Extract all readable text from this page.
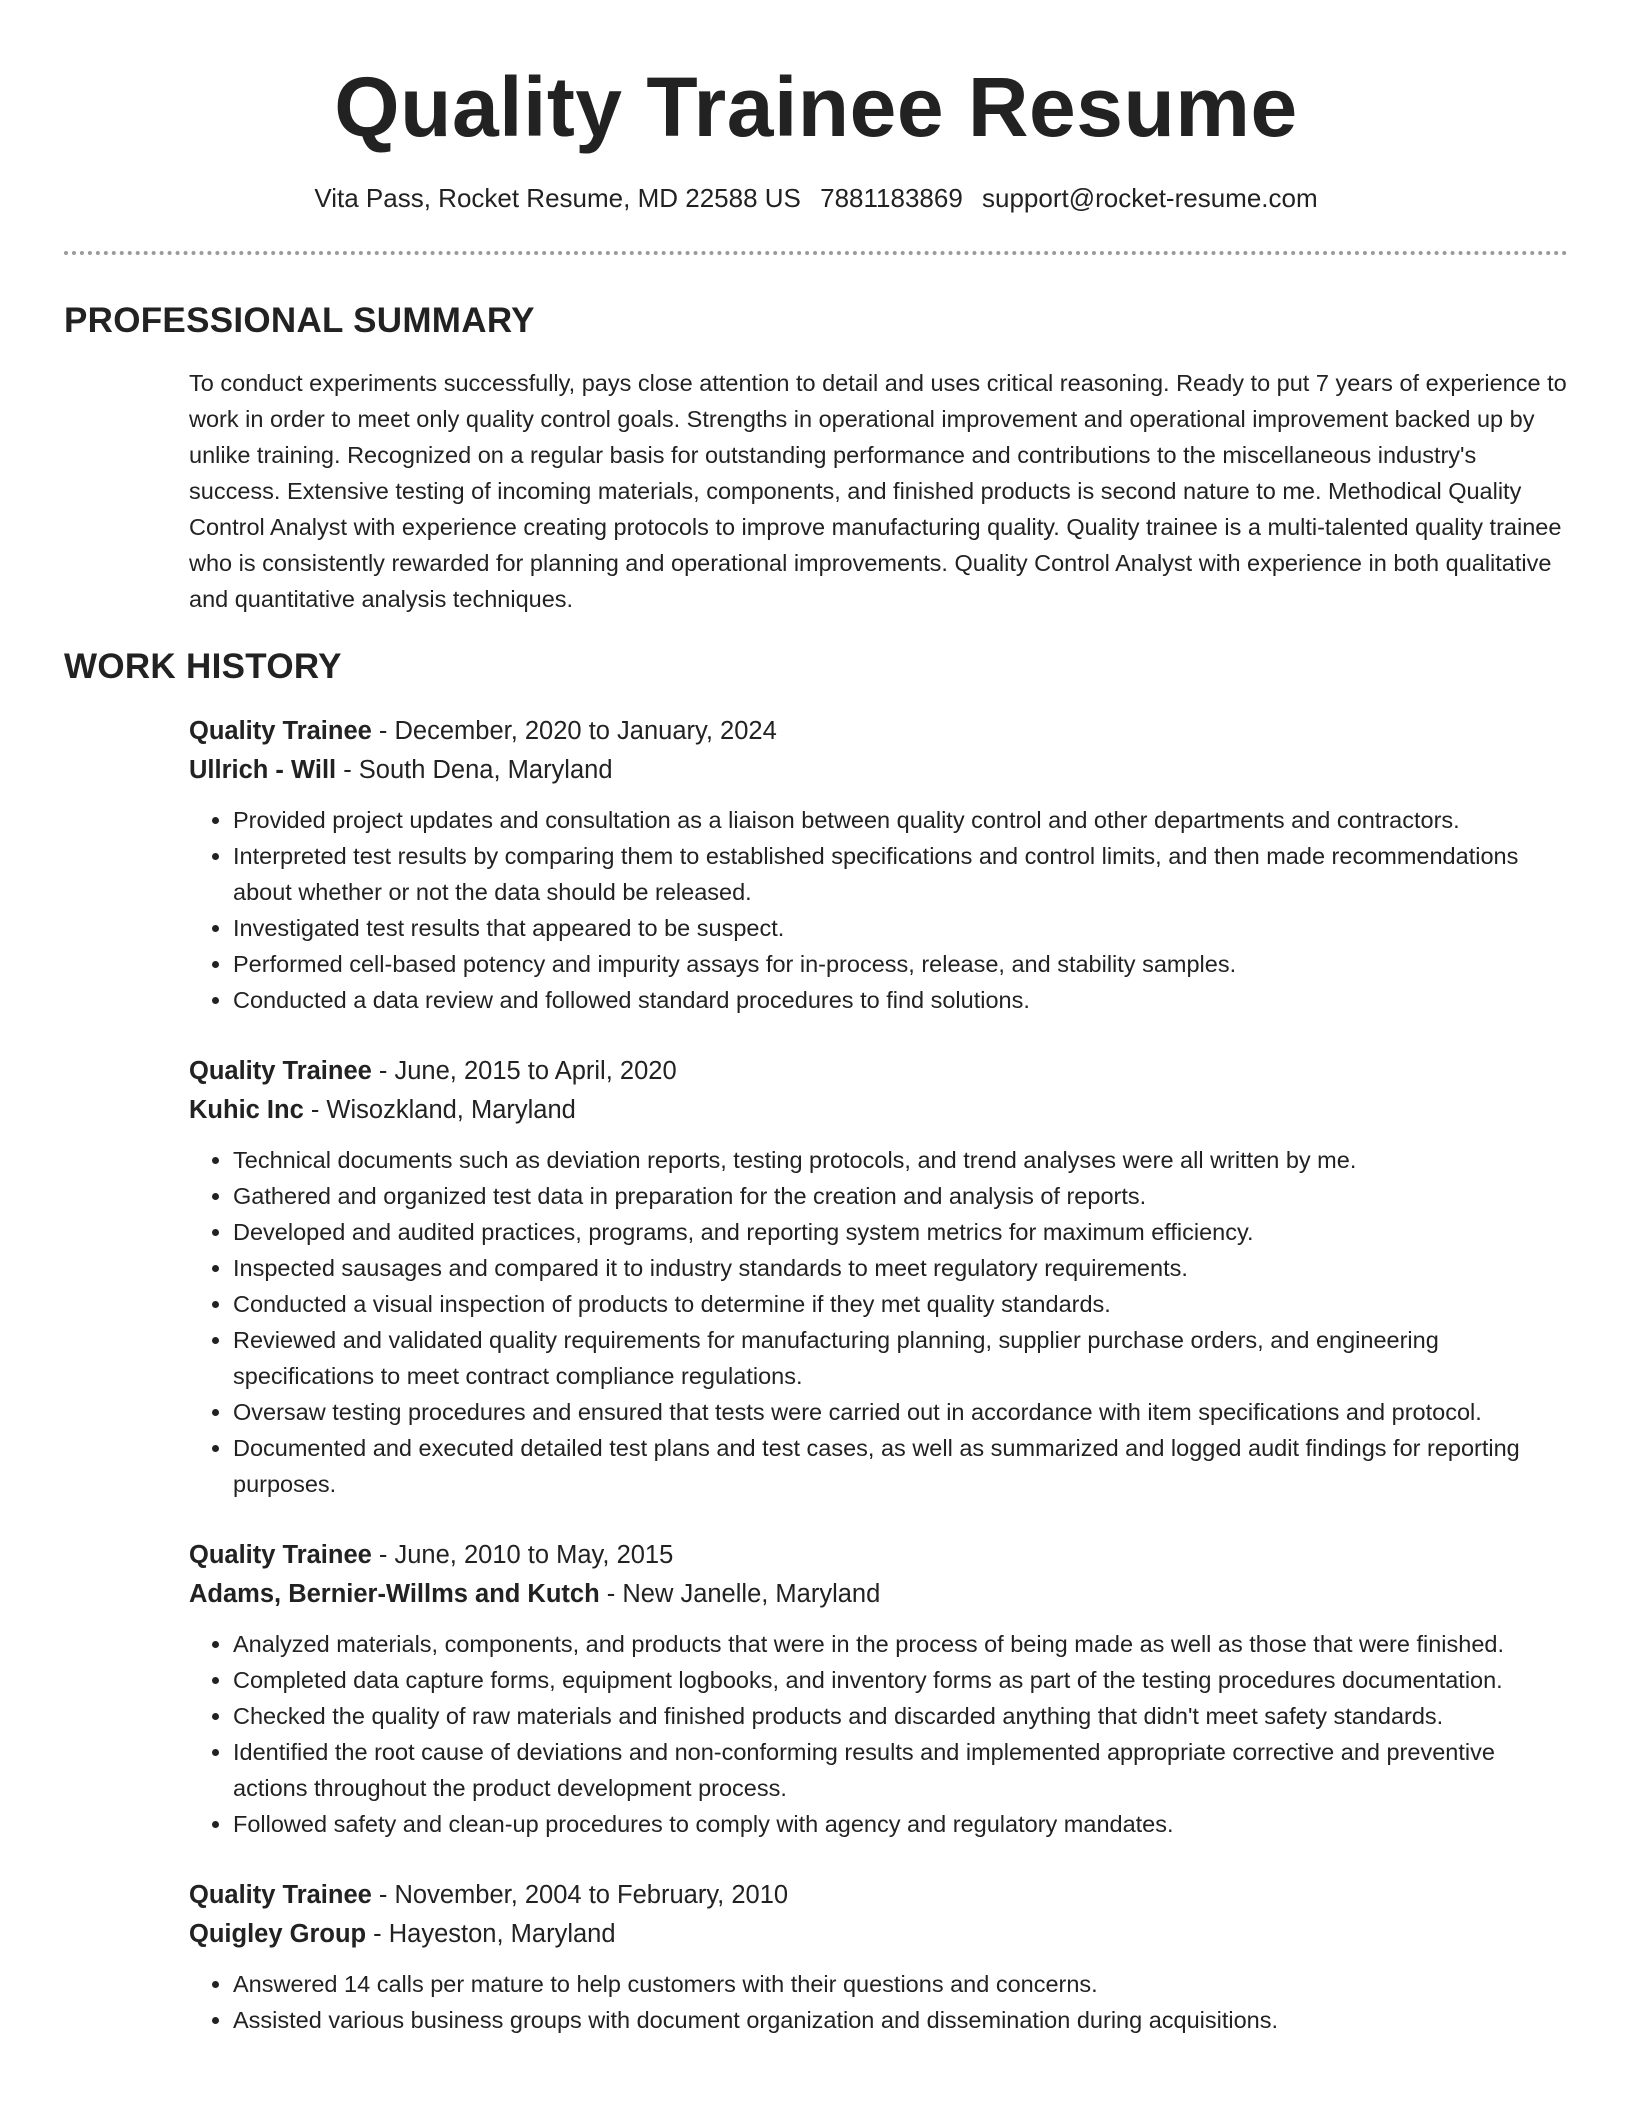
Quality Trainee Resume
Vita Pass, Rocket Resume, MD 22588 US 7881183869 support@rocket-resume.com
PROFESSIONAL SUMMARY

To conduct experiments successfully, pays close attention to detail and uses critical reasoning. Ready to put 7 years of experience to work in order to meet only quality control goals. Strengths in operational improvement and operational improvement backed up by unlike training. Recognized on a regular basis for outstanding performance and contributions to the miscellaneous industry's success. Extensive testing of incoming materials, components, and finished products is second nature to me. Methodical Quality Control Analyst with experience creating protocols to improve manufacturing quality. Quality trainee is a multi-talented quality trainee who is consistently rewarded for planning and operational improvements. Quality Control Analyst with experience in both qualitative and quantitative analysis techniques.

WORK HISTORY
Quality Trainee - December, 2020 to January, 2024
Ullrich - Will - South Dena, Maryland
• Provided project updates and consultation as a liaison between quality control and other departments and contractors.
• Interpreted test results by comparing them to established specifications and control limits, and then made recommendations about whether or not the data should be released.
• Investigated test results that appeared to be suspect.
• Performed cell-based potency and impurity assays for in-process, release, and stability samples.
• Conducted a data review and followed standard procedures to find solutions.
Quality Trainee - June, 2015 to April, 2020
Kuhic Inc - Wisozkland, Maryland
• Technical documents such as deviation reports, testing protocols, and trend analyses were all written by me.
• Gathered and organized test data in preparation for the creation and analysis of reports.
• Developed and audited practices, programs, and reporting system metrics for maximum efficiency.
• Inspected sausages and compared it to industry standards to meet regulatory requirements.
• Conducted a visual inspection of products to determine if they met quality standards.
• Reviewed and validated quality requirements for manufacturing planning, supplier purchase orders, and engineering specifications to meet contract compliance regulations.
• Oversaw testing procedures and ensured that tests were carried out in accordance with item specifications and protocol.
• Documented and executed detailed test plans and test cases, as well as summarized and logged audit findings for reporting purposes.
Quality Trainee - June, 2010 to May, 2015
Adams, Bernier-Willms and Kutch - New Janelle, Maryland
• Analyzed materials, components, and products that were in the process of being made as well as those that were finished.
• Completed data capture forms, equipment logbooks, and inventory forms as part of the testing procedures documentation.
• Checked the quality of raw materials and finished products and discarded anything that didn't meet safety standards.
• Identified the root cause of deviations and non-conforming results and implemented appropriate corrective and preventive actions throughout the product development process.
• Followed safety and clean-up procedures to comply with agency and regulatory mandates.
Quality Trainee - November, 2004 to February, 2010
Quigley Group - Hayeston, Maryland
• Answered 14 calls per mature to help customers with their questions and concerns.
• Assisted various business groups with document organization and dissemination during acquisitions.
